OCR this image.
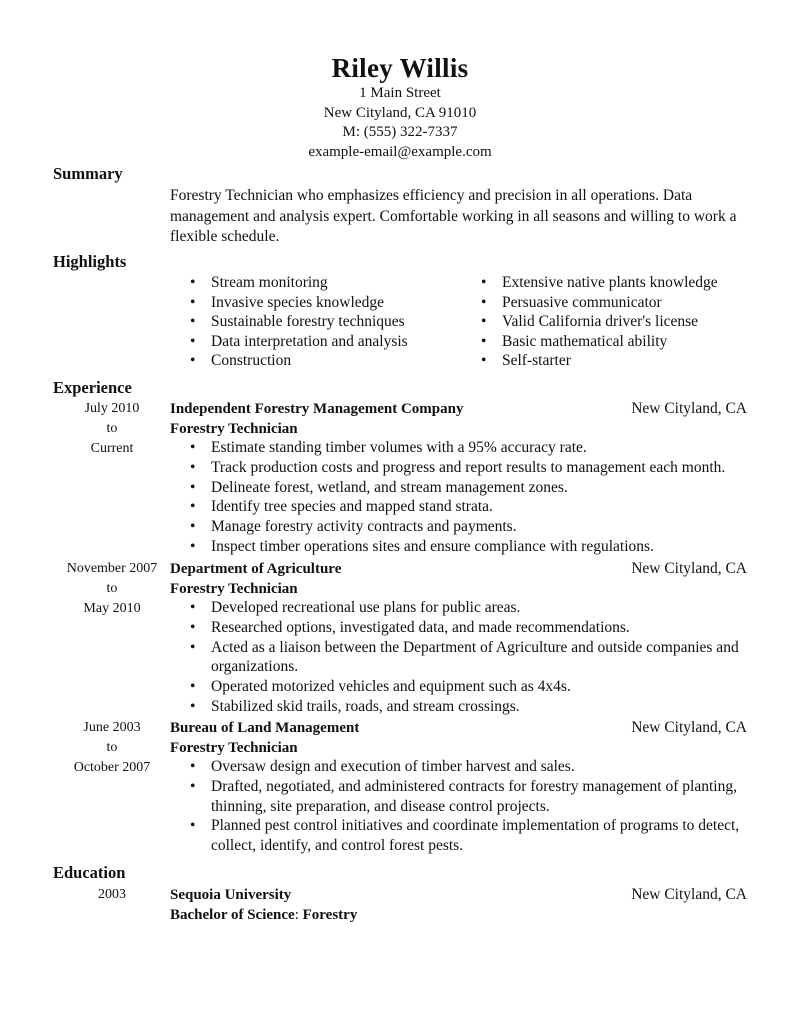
Riley Willis
1 Main Street
New Cityland, CA 91010
M: (555) 322-7337
example-email@example.com
Summary
Forestry Technician who emphasizes efficiency and precision in all operations. Data management and analysis expert. Comfortable working in all seasons and willing to work a flexible schedule.
Highlights
• Stream monitoring
• Invasive species knowledge
• Sustainable forestry techniques
• Data interpretation and analysis
• Construction
• Extensive native plants knowledge
• Persuasive communicator
• Valid California driver's license
• Basic mathematical ability
• Self-starter
Experience
July 2010
to
Current
Independent Forestry Management Company	New Cityland, CA
Forestry Technician
• Estimate standing timber volumes with a 95% accuracy rate.
• Track production costs and progress and report results to management each month.
• Delineate forest, wetland, and stream management zones.
• Identify tree species and mapped stand strata.
• Manage forestry activity contracts and payments.
• Inspect timber operations sites and ensure compliance with regulations.
November 2007
to
May 2010
Department of Agriculture	New Cityland, CA
Forestry Technician
• Developed recreational use plans for public areas.
• Researched options, investigated data, and made recommendations.
• Acted as a liaison between the Department of Agriculture and outside companies and organizations.
• Operated motorized vehicles and equipment such as 4x4s.
• Stabilized skid trails, roads, and stream crossings.
June 2003
to
October 2007
Bureau of Land Management	New Cityland, CA
Forestry Technician
• Oversaw design and execution of timber harvest and sales.
• Drafted, negotiated, and administered contracts for forestry management of planting, thinning, site preparation, and disease control projects.
• Planned pest control initiatives and coordinate implementation of programs to detect, collect, identify, and control forest pests.
Education
2003	Sequoia University	New Cityland, CA
Bachelor of Science: Forestry
